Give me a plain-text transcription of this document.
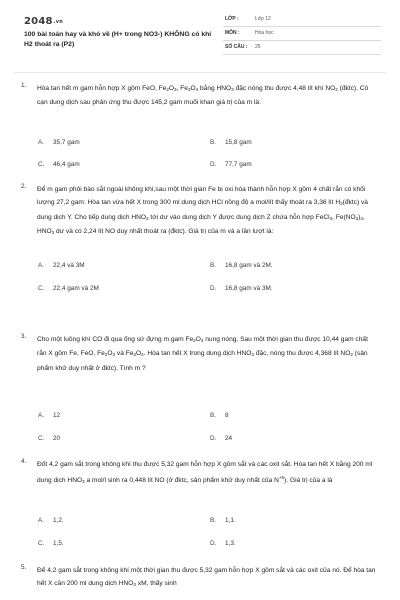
2048.vn
100 bài toán hay và khó về (H+ trong NO3-) KHÔNG có khí H2 thoát ra (P2)
LỚP :	Lớp 12
MÔN :	Hóa học
SỐ CÂU : 25
1. Hòa tan hết m gam hỗn hợp X gồm FeO, $Fe_2O_3$, $Fe_3O_4$ bằng $HNO_3$ đặc nóng thu được 4,48 lít khí $NO_2$ (đktc). Cô cạn dung dịch sau phản ứng thu được 145,2 gam muối khan giá trị của m là:
A. 35,7 gam	B. 15,8 gam
C. 46,4 gam	D. 77,7 gam
2. Để m gam phôi bào sắt ngoài không khí,sau một thời gian Fe bị oxi hóa thành hỗn hợp X gồm 4 chất rắn có khối lượng 27,2 gam: Hòa tan vừa hết X trong 300 ml dung dịch HCl nồng độ a mol/lít thấy thoát ra 3,36 lít $H_2(đktc)$ và dung dịch Y. Cho tiếp dung dịch $HNO_3$ tới dư vào dung dịch Y được dung dịch Z chứa hỗn hợp FeCl$_3$, $Fe(NO_3)_3$, $HNO_3$ dư và có 2,24 lít NO duy nhất thoát ra (đktc). Giá trị của m và a lần lượt là:
A. 22,4 và 3M	B. 16,8 gam và 2M.
C. 22,4 gam và 2M	D. 16,8 gam và 3M.
3. Cho một luồng khí CO đi qua ống sứ đựng m gam $Fe_2O_3$ nung nóng. Sau một thời gian thu được 10,44 gam chất rắn X gồm Fe, FeO, $Fe_2O_3$ và $Fe_3O_4$. Hòa tan hết X trong dung dịch $HNO_3$ đặc, nóng thu được 4,368 lít $NO_2$ (sản phẩm khử duy nhất ở đktc). Tính m ?
A. 12	B. 8
C. 20	D. 24
4. Đốt 4,2 gam sắt trong không khí thu được 5,32 gam hỗn hợp X gồm sắt và các oxit sắt. Hòa tan hết X bằng 200 ml dung dịch $HNO_3$ a mol/l sinh ra 0,448 lít NO (ở đktc, sản phẩm khử duy nhất của $N^{+5}$). Giá trị của a là
A. 1,2.	B. 1,1.
C. 1,5.	D. 1,3.
5. Để 4,2 gam sắt trong không khí một thời gian thu được 5,32 gam hỗn hợp X gồm sắt và các oxit của nó. Để hòa tan hết X cần 200 ml dung dịch $HNO_3$ xM, thấy sinh
